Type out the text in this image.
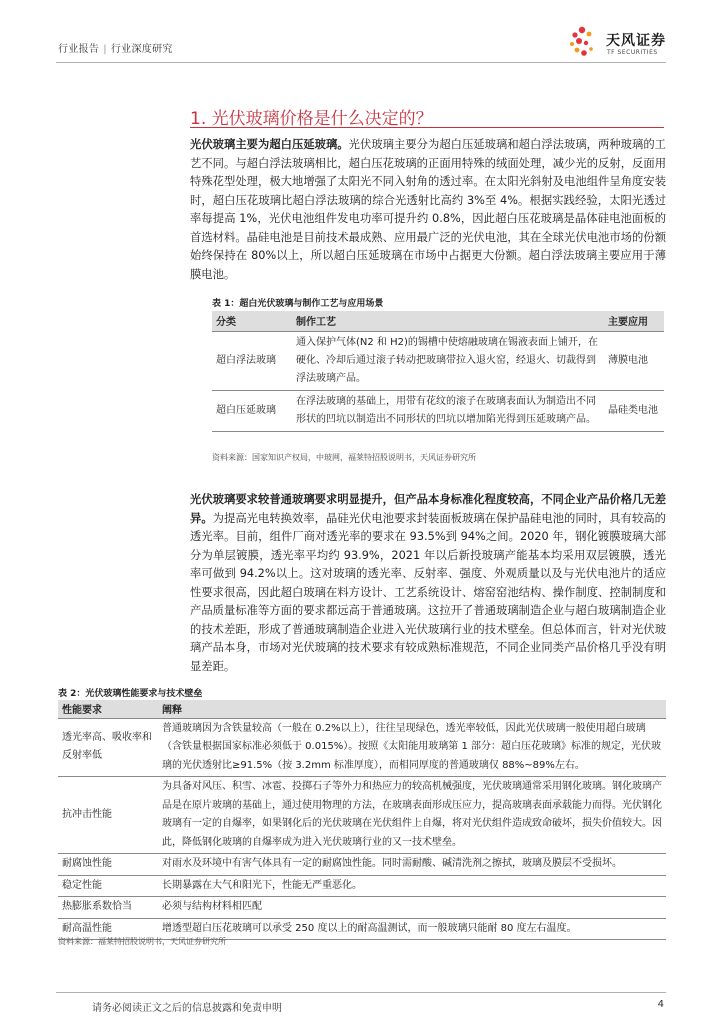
行业报告 | 行业深度研究
天风证券
TF SECURITIES
1. 光伏玻璃价格是什么决定的？
光伏玻璃主要为超白压延玻璃。光伏玻璃主要分为超白压延玻璃和超白浮法玻璃，两种玻璃的工艺不同。与超白浮法玻璃相比，超白压花玻璃的正面用特殊的绒面处理，减少光的反射，反面用特殊花型处理，极大地增强了太阳光不同入射角的透过率。在太阳光斜射及电池组件呈角度安装时，超白压花玻璃比超白浮法玻璃的综合光透射比高约 3%至 4%。根据实践经验，太阳光透过率每提高 1%，光伏电池组件发电功率可提升约 0.8%，因此超白压花玻璃是晶体硅电池面板的首选材料。晶硅电池是目前技术最成熟、应用最广泛的光伏电池，其在全球光伏电池市场的份额始终保持在 80%以上，所以超白压延玻璃在市场中占据更大份额。超白浮法玻璃主要应用于薄膜电池。
表 1：超白光伏玻璃与制作工艺与应用场景
分类	制作工艺	主要应用
超白浮法玻璃	通入保护气体(N2 和 H2)的锡槽中使熔融玻璃在锡液表面上铺开，在硬化、冷却后通过滚子转动把玻璃带拉入退火窑，经退火、切裁得到浮法玻璃产品。	薄膜电池
超白压延玻璃	在浮法玻璃的基础上，用带有花纹的滚子在玻璃表面认为制造出不同形状的凹坑以制造出不同形状的凹坑以增加陷光得到压延玻璃产品。	晶硅类电池
资料来源：国家知识产权局，中玻网，福莱特招股说明书，天风证券研究所
光伏玻璃要求较普通玻璃要求明显提升，但产品本身标准化程度较高，不同企业产品价格几无差异。为提高光电转换效率，晶硅光伏电池要求封装面板玻璃在保护晶硅电池的同时，具有较高的透光率。目前，组件厂商对透光率的要求在 93.5%到 94%之间。2020 年，钢化镀膜玻璃大部分为单层镀膜，透光率平均约 93.9%，2021 年以后新投玻璃产能基本均采用双层镀膜，透光率可做到 94.2%以上。这对玻璃的透光率、反射率、强度、外观质量以及与光伏电池片的适应性要求很高，因此超白玻璃在料方设计、工艺系统设计、熔窑窑池结构、操作制度、控制制度和产品质量标准等方面的要求都远高于普通玻璃。这拉开了普通玻璃制造企业与超白玻璃制造企业的技术差距，形成了普通玻璃制造企业进入光伏玻璃行业的技术壁垒。但总体而言，针对光伏玻璃产品本身，市场对光伏玻璃的技术要求有较成熟标准规范，不同企业同类产品价格几乎没有明显差距。
表 2：光伏玻璃性能要求与技术壁垒
性能要求	阐释
透光率高、吸收率和反射率低	普通玻璃因为含铁量较高（一般在 0.2%以上），往往呈现绿色，透光率较低，因此光伏玻璃一般使用超白玻璃（含铁量根据国家标准必须低于 0.015%）。按照《太阳能用玻璃第 1 部分：超白压花玻璃》标准的规定，光伏玻璃的光伏透射比≥91.5%（按 3.2mm 标准厚度），而相同厚度的普通玻璃仅 88%~89%左右。
抗冲击性能	为具备对风压、积雪、冰雹、投掷石子等外力和热应力的较高机械强度，光伏玻璃通常采用钢化玻璃。钢化玻璃产品是在原片玻璃的基础上，通过使用物理的方法，在玻璃表面形成压应力，提高玻璃表面承载能力而得。光伏钢化玻璃有一定的自爆率，如果钢化后的光伏玻璃在光伏组件上自爆，将对光伏组件造成致命破坏，损失价值较大。因此，降低钢化玻璃的自爆率成为进入光伏玻璃行业的又一技术壁垒。
耐腐蚀性能	对雨水及环境中有害气体具有一定的耐腐蚀性能。同时需耐酸、碱清洗剂之擦拭，玻璃及膜层不受损坏。
稳定性能	长期暴露在大气和阳光下，性能无严重恶化。
热膨胀系数恰当	必须与结构材料相匹配
耐高温性能	增透型超白压花玻璃可以承受 250 度以上的耐高温测试，而一般玻璃只能耐 80 度左右温度。
资料来源：福莱特招股说明书，天风证券研究所
请务必阅读正文之后的信息披露和免责申明	4
